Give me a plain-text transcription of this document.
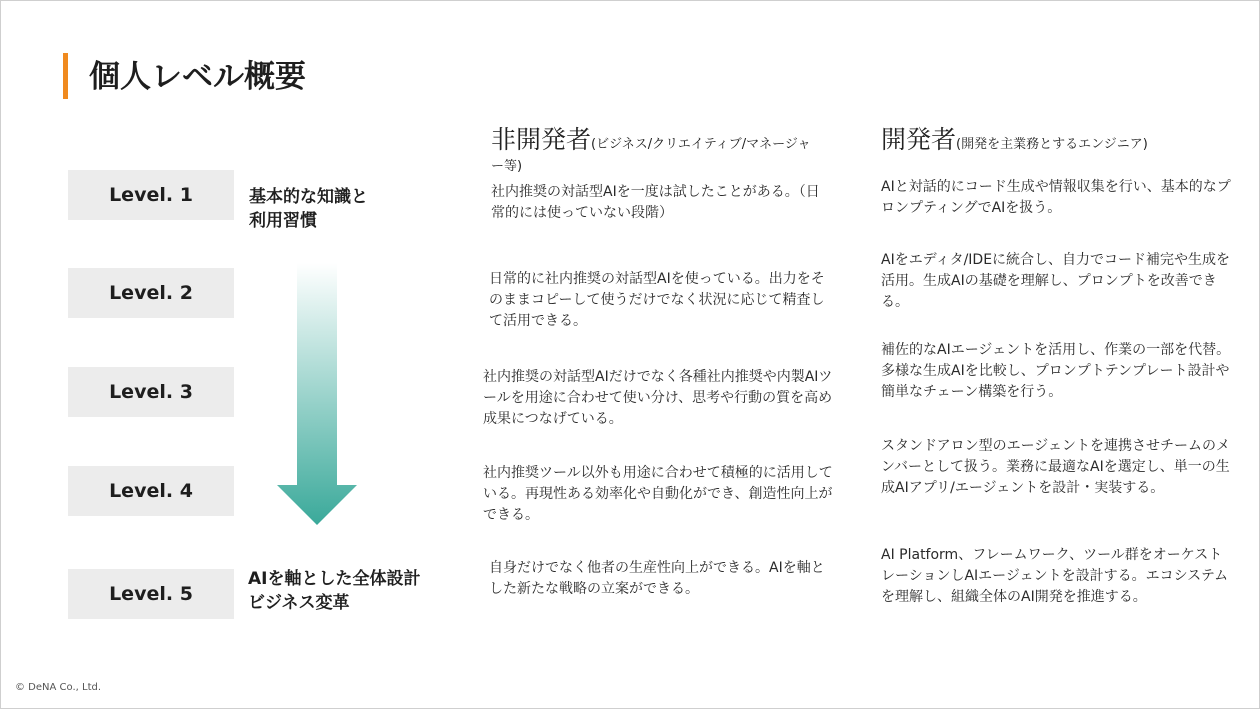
個人レベル概要
非開発者(ビジネス/クリエイティブ/マネージャー等)
開発者(開発を主業務とするエンジニア)
Level. 1	基本的な知識と
利用習慣
社内推奨の対話型AIを一度は試したことがある。（日常的には使っていない段階）
AIと対話的にコード生成や情報収集を行い、基本的なプロンプティングでAIを扱う。
Level. 2
日常的に社内推奨の対話型AIを使っている。出力をそのままコピーして使うだけでなく状況に応じて精査して活用できる。
AIをエディタ/IDEに統合し、自力でコード補完や生成を活用。生成AIの基礎を理解し、プロンプトを改善できる。
Level. 3
社内推奨の対話型AIだけでなく各種社内推奨や内製AIツールを用途に合わせて使い分け、思考や行動の質を高め成果につなげている。
補佐的なAIエージェントを活用し、作業の一部を代替。多様な生成AIを比較し、プロンプトテンプレート設計や簡単なチェーン構築を行う。
Level. 4
社内推奨ツール以外も用途に合わせて積極的に活用している。再現性ある効率化や自動化ができ、創造性向上ができる。
スタンドアロン型のエージェントを連携させチームのメンバーとして扱う。業務に最適なAIを選定し、単一の生成AIアプリ/エージェントを設計・実装する。
Level. 5
AIを軸とした全体設計
ビジネス変革
自身だけでなく他者の生産性向上ができる。AIを軸とした新たな戦略の立案ができる。
AI Platform、フレームワーク、ツール群をオーケストレーションしAIエージェントを設計する。エコシステムを理解し、組織全体のAI開発を推進する。
© DeNA Co., Ltd.
